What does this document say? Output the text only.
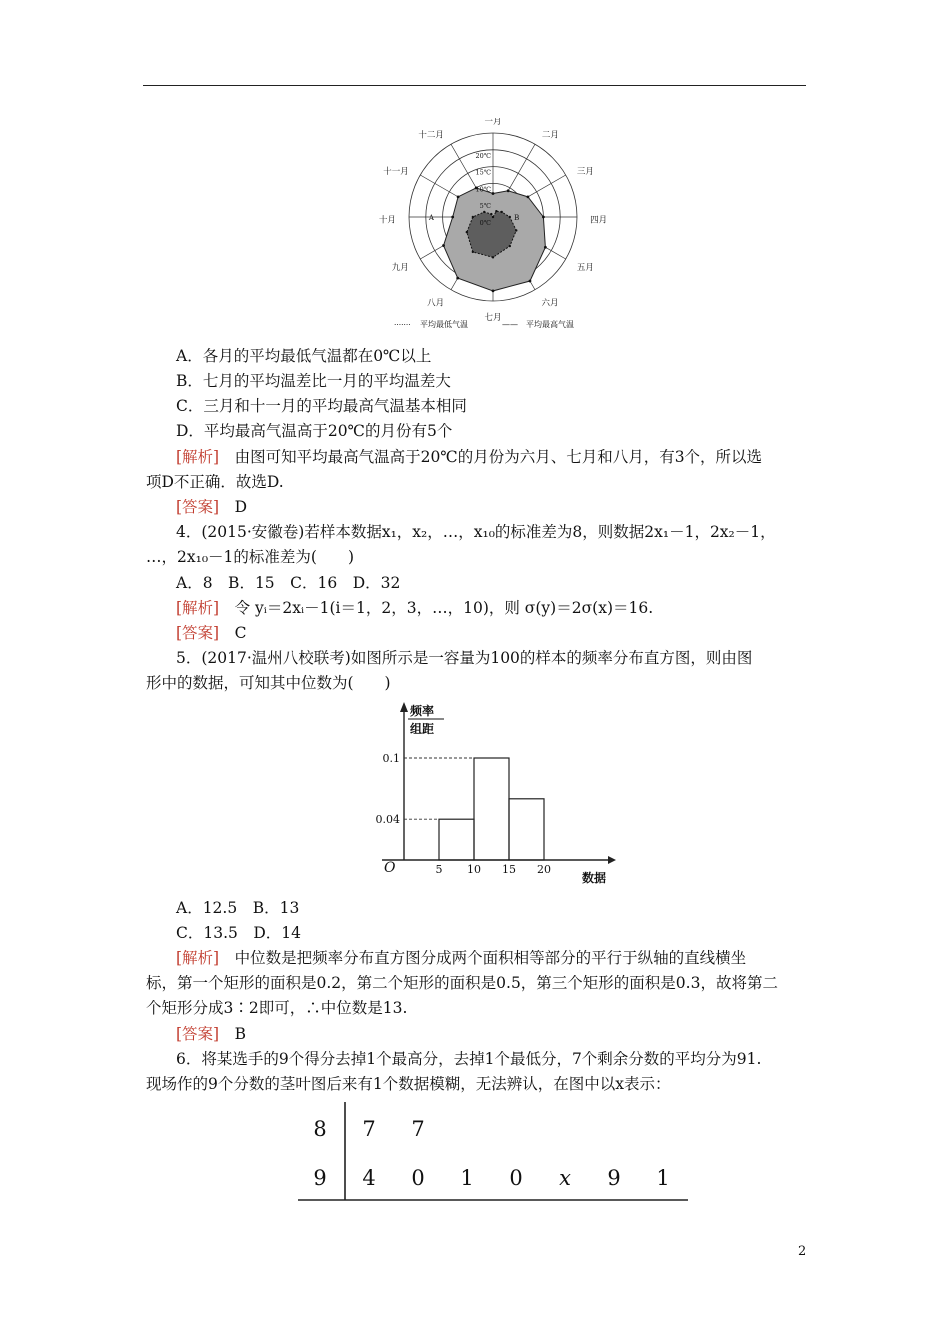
20℃
15℃
10℃
5℃
0℃
一月
二月
三月
四月
五月
六月
七月
八月
九月
十月
十一月
十二月
A	B
······· 平均最低气温	—— 平均最高气温
A．各月的平均最低气温都在0℃以上
B．七月的平均温差比一月的平均温差大
C．三月和十一月的平均最高气温基本相同
D．平均最高气温高于20℃的月份有5个
[解析]　 由图可知平均最高气温高于20℃的月份为六月、七月和八月，有3个，所以选
项D不正确．故选D.
[答案]　 D
4．(2015·安徽卷)若样本数据x₁，x₂，…，x₁₀的标准差为8，则数据2x₁－1，2x₂－1，
…，2x₁₀－1的标准差为(　　)
A．8　B．15　C．16　D．32
[解析]　 令 yᵢ＝2xᵢ－1(i＝1，2，3，…，10)，则 σ(y)＝2σ(x)＝16.
[答案]　 C
5．(2017·温州八校联考)如图所示是一容量为100的样本的频率分布直方图，则由图
形中的数据，可知其中位数为(　　)
频率
组距
O
数据
0.1
0.04
5 10 15 20
A．12.5　B．13
C．13.5　D．14
[解析]　 中位数是把频率分布直方图分成两个面积相等部分的平行于纵轴的直线横坐
标，第一个矩形的面积是0.2，第二个矩形的面积是0.5，第三个矩形的面积是0.3，故将第二
个矩形分成3∶2即可，∴中位数是13.
[答案]　 B
6．将某选手的9个得分去掉1个最高分，去掉1个最低分，7个剩余分数的平均分为91.
现场作的9个分数的茎叶图后来有1个数据模糊，无法辨认，在图中以x表示：
8 7 7
9 4 0 1 0 x 9 1
2
